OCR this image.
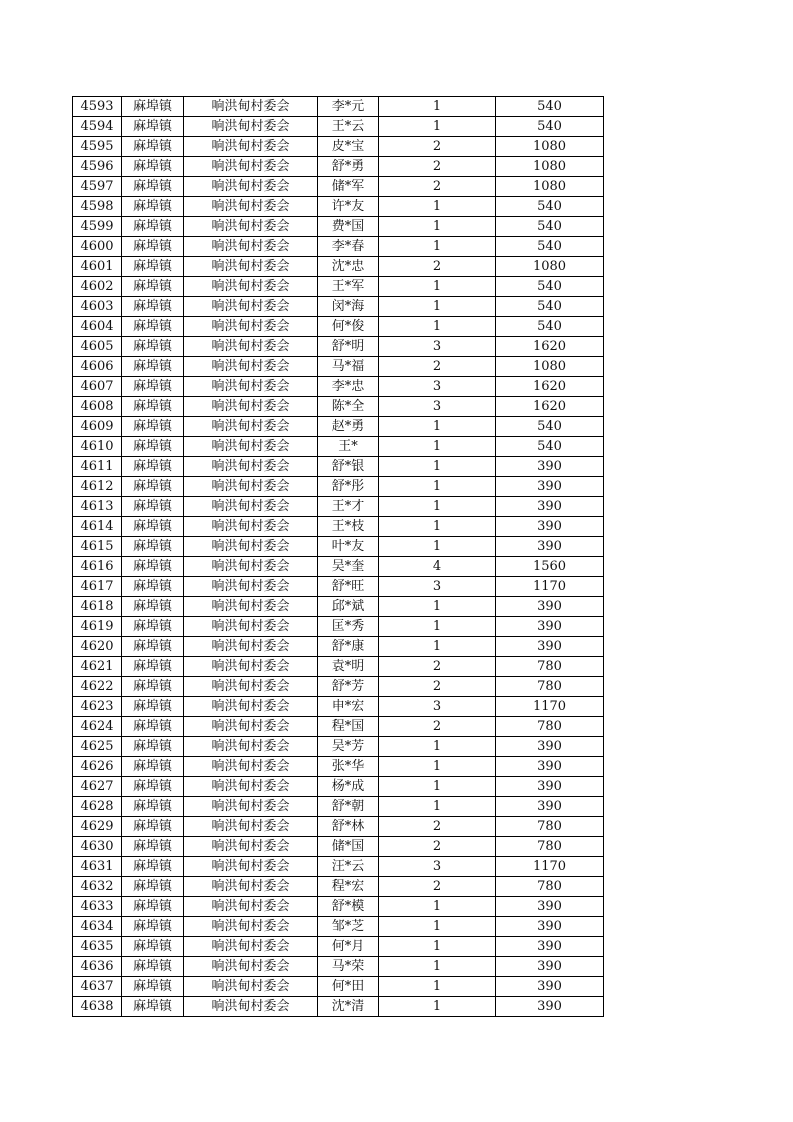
4593	麻埠镇	响洪甸村委会	李*元	1	540
4594	麻埠镇	响洪甸村委会	王*云	1	540
4595	麻埠镇	响洪甸村委会	皮*宝	2	1080
4596	麻埠镇	响洪甸村委会	舒*勇	2	1080
4597	麻埠镇	响洪甸村委会	储*军	2	1080
4598	麻埠镇	响洪甸村委会	许*友	1	540
4599	麻埠镇	响洪甸村委会	费*国	1	540
4600	麻埠镇	响洪甸村委会	李*春	1	540
4601	麻埠镇	响洪甸村委会	沈*忠	2	1080
4602	麻埠镇	响洪甸村委会	王*军	1	540
4603	麻埠镇	响洪甸村委会	闵*海	1	540
4604	麻埠镇	响洪甸村委会	何*俊	1	540
4605	麻埠镇	响洪甸村委会	舒*明	3	1620
4606	麻埠镇	响洪甸村委会	马*福	2	1080
4607	麻埠镇	响洪甸村委会	李*忠	3	1620
4608	麻埠镇	响洪甸村委会	陈*全	3	1620
4609	麻埠镇	响洪甸村委会	赵*勇	1	540
4610	麻埠镇	响洪甸村委会	王*	1	540
4611	麻埠镇	响洪甸村委会	舒*银	1	390
4612	麻埠镇	响洪甸村委会	舒*彤	1	390
4613	麻埠镇	响洪甸村委会	王*才	1	390
4614	麻埠镇	响洪甸村委会	王*枝	1	390
4615	麻埠镇	响洪甸村委会	叶*友	1	390
4616	麻埠镇	响洪甸村委会	吴*奎	4	1560
4617	麻埠镇	响洪甸村委会	舒*旺	3	1170
4618	麻埠镇	响洪甸村委会	邱*斌	1	390
4619	麻埠镇	响洪甸村委会	匡*秀	1	390
4620	麻埠镇	响洪甸村委会	舒*康	1	390
4621	麻埠镇	响洪甸村委会	袁*明	2	780
4622	麻埠镇	响洪甸村委会	舒*芳	2	780
4623	麻埠镇	响洪甸村委会	申*宏	3	1170
4624	麻埠镇	响洪甸村委会	程*国	2	780
4625	麻埠镇	响洪甸村委会	吴*芳	1	390
4626	麻埠镇	响洪甸村委会	张*华	1	390
4627	麻埠镇	响洪甸村委会	杨*成	1	390
4628	麻埠镇	响洪甸村委会	舒*朝	1	390
4629	麻埠镇	响洪甸村委会	舒*林	2	780
4630	麻埠镇	响洪甸村委会	储*国	2	780
4631	麻埠镇	响洪甸村委会	汪*云	3	1170
4632	麻埠镇	响洪甸村委会	程*宏	2	780
4633	麻埠镇	响洪甸村委会	舒*模	1	390
4634	麻埠镇	响洪甸村委会	邹*芝	1	390
4635	麻埠镇	响洪甸村委会	何*月	1	390
4636	麻埠镇	响洪甸村委会	马*荣	1	390
4637	麻埠镇	响洪甸村委会	何*田	1	390
4638	麻埠镇	响洪甸村委会	沈*清	1	390
